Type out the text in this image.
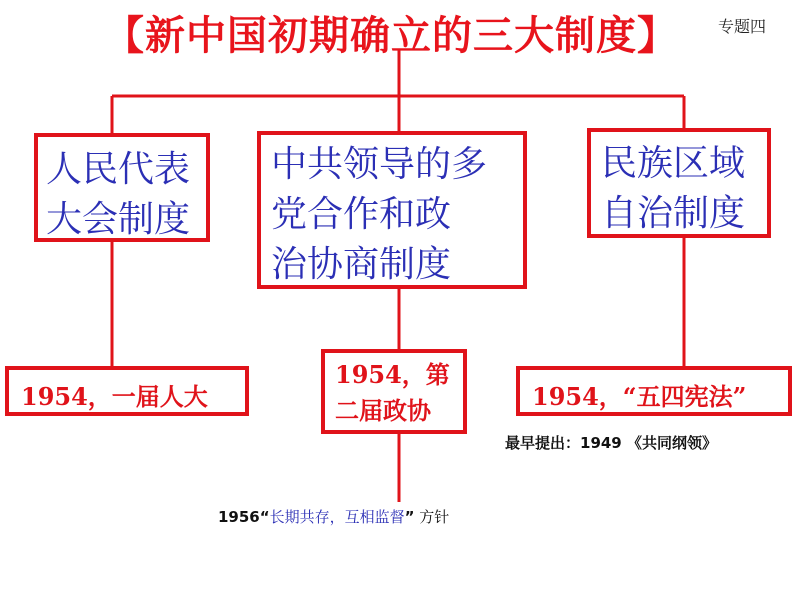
【新中国初期确立的三大制度】	专题四
人民代表
大会制度
中共领导的多
党合作和政
治协商制度
民族区域
自治制度
1954，一届人大
1954，第
二届政协	1954，“五四宪法”
最早提出：1949 《共同纲领》
1956“长期共存，互相监督” 方针
